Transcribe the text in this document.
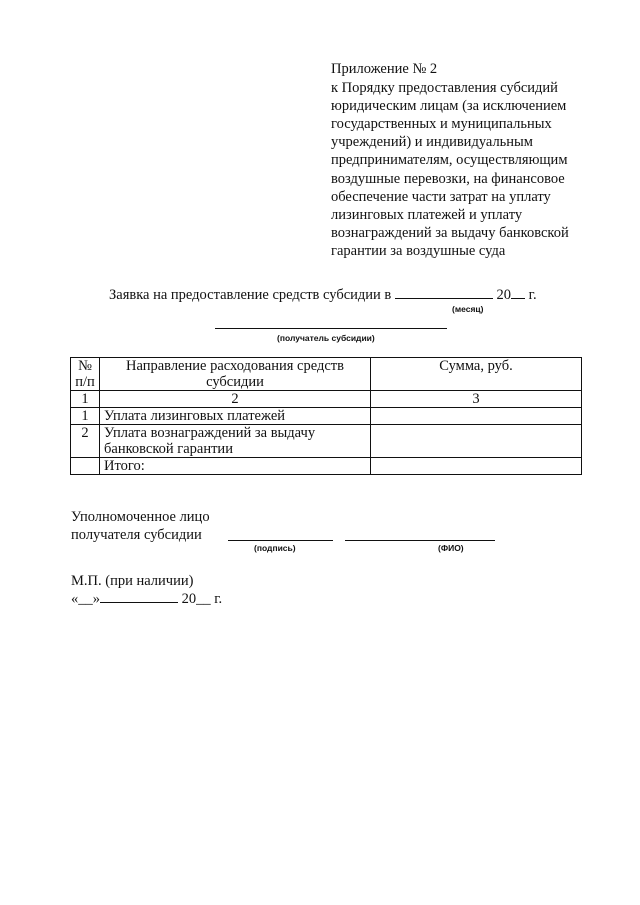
Приложение № 2
к Порядку предоставления субсидий
юридическим лицам (за исключением
государственных и муниципальных
учреждений) и индивидуальным
предпринимателям, осуществляющим
воздушные перевозки, на финансовое
обеспечение части затрат на уплату
лизинговых платежей и уплату
вознаграждений за выдачу банковской
гарантии за воздушные суда
Заявка на предоставление средств субсидии в	20 г.
(месяц)
(получатель субсидии)
№ п/п	Направление расходования средств субсидии	Сумма, руб.
1	2	3
1	Уплата лизинговых платежей	
2	Уплата вознаграждений за выдачу банковской гарантии	
	Итого:	
Уполномоченное лицо
получателя субсидии
(подпись)	(ФИО)
М.П. (при наличии)
«__»	20__ г.
